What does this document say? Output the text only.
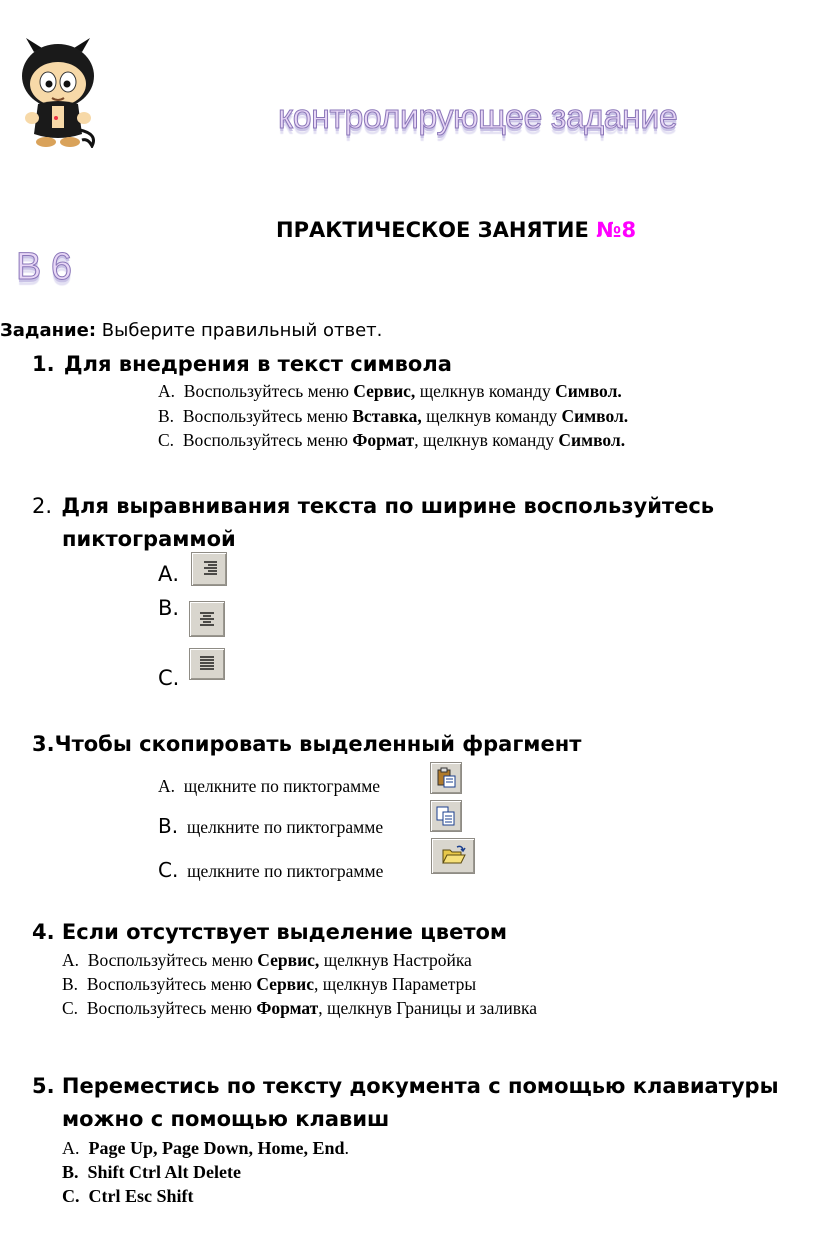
контролирующее задание
ПРАКТИЧЕСКОЕ ЗАНЯТИЕ №8
В 6
Задание: Выберите правильный ответ.
1. Для внедрения в текст символа
A. Воспользуйтесь меню Сервис, щелкнув команду Символ.
B. Воспользуйтесь меню Вставка, щелкнув команду Символ.
C. Воспользуйтесь меню Формат, щелкнув команду Символ.
2. Для выравнивания текста по ширине воспользуйтесь
пиктограммой
А.
В.
С.
3.Чтобы скопировать выделенный фрагмент
A. щелкните по пиктограмме
В. щелкните по пиктограмме
С. щелкните по пиктограмме
4. Если отсутствует выделение цветом
A. Воспользуйтесь меню Сервис, щелкнув Настройка
B. Воспользуйтесь меню Сервис, щелкнув Параметры
C. Воспользуйтесь меню Формат, щелкнув Границы и заливка
5. Переместись по тексту документа с помощью клавиатуры
можно с помощью клавиш
A. Page Up, Page Down, Home, End.
B. Shift Ctrl Alt Delete
C. Ctrl Esc Shift
